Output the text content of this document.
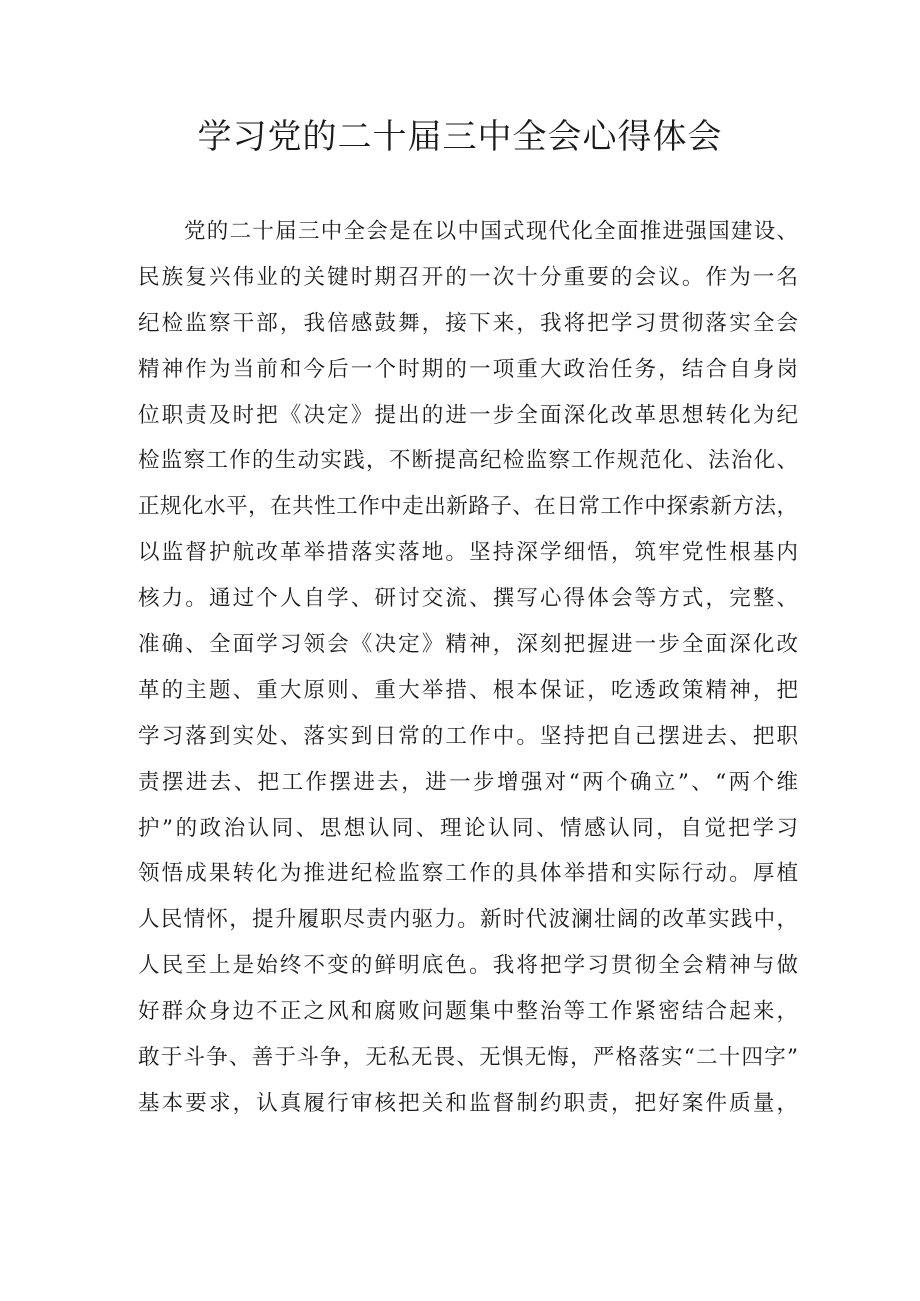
学习党的二十届三中全会心得体会
党的二十届三中全会是在以中国式现代化全面推进强国建设、
民族复兴伟业的关键时期召开的一次十分重要的会议。作为一名
纪检监察干部，我倍感鼓舞，接下来，我将把学习贯彻落实全会
精神作为当前和今后一个时期的一项重大政治任务，结合自身岗
位职责及时把《决定》提出的进一步全面深化改革思想转化为纪
检监察工作的生动实践，不断提高纪检监察工作规范化、法治化、
正规化水平，在共性工作中走出新路子、在日常工作中探索新方法，
以监督护航改革举措落实落地。坚持深学细悟，筑牢党性根基内
核力。通过个人自学、研讨交流、撰写心得体会等方式，完整、
准确、全面学习领会《决定》精神，深刻把握进一步全面深化改
革的主题、重大原则、重大举措、根本保证，吃透政策精神，把
学习落到实处、落实到日常的工作中。坚持把自己摆进去、把职
责摆进去、把工作摆进去，进一步增强对“两个确立”、“两个维
护”的政治认同、思想认同、理论认同、情感认同，自觉把学习
领悟成果转化为推进纪检监察工作的具体举措和实际行动。厚植
人民情怀，提升履职尽责内驱力。新时代波澜壮阔的改革实践中，
人民至上是始终不变的鲜明底色。我将把学习贯彻全会精神与做
好群众身边不正之风和腐败问题集中整治等工作紧密结合起来，
敢于斗争、善于斗争，无私无畏、无惧无悔，严格落实“二十四字”
基本要求，认真履行审核把关和监督制约职责，把好案件质量，
